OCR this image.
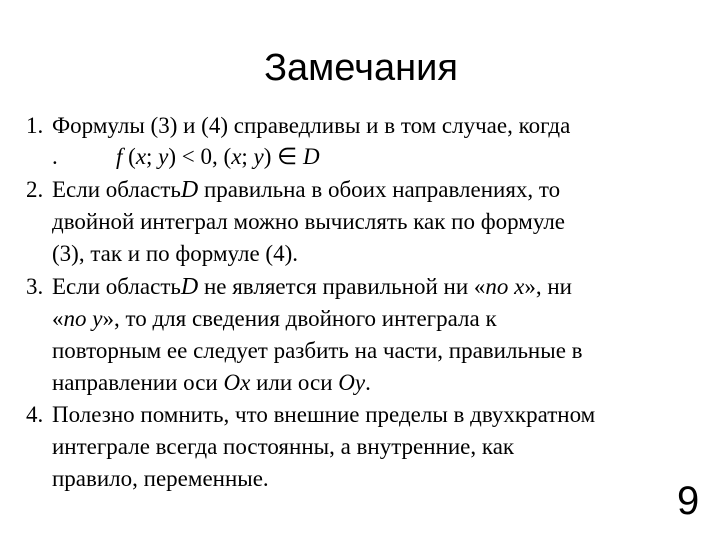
Замечания
1. Формулы (3) и (4) справедливы и в том случае, когда
.	f (x; y) < 0, (x; y) ∈ D
2. Если областьD правильна в обоих направлениях, то
двойной интеграл можно вычислять как по формуле
(3), так и по формуле (4).
3. Если областьD не является правильной ни «по x», ни
«по y», то для сведения двойного интеграла к
повторным ее следует разбить на части, правильные в
направлении оси Ox или оси Oy.
4. Полезно помнить, что внешние пределы в двухкратном
интеграле всегда постоянны, а внутренние, как
правило, переменные.
9
